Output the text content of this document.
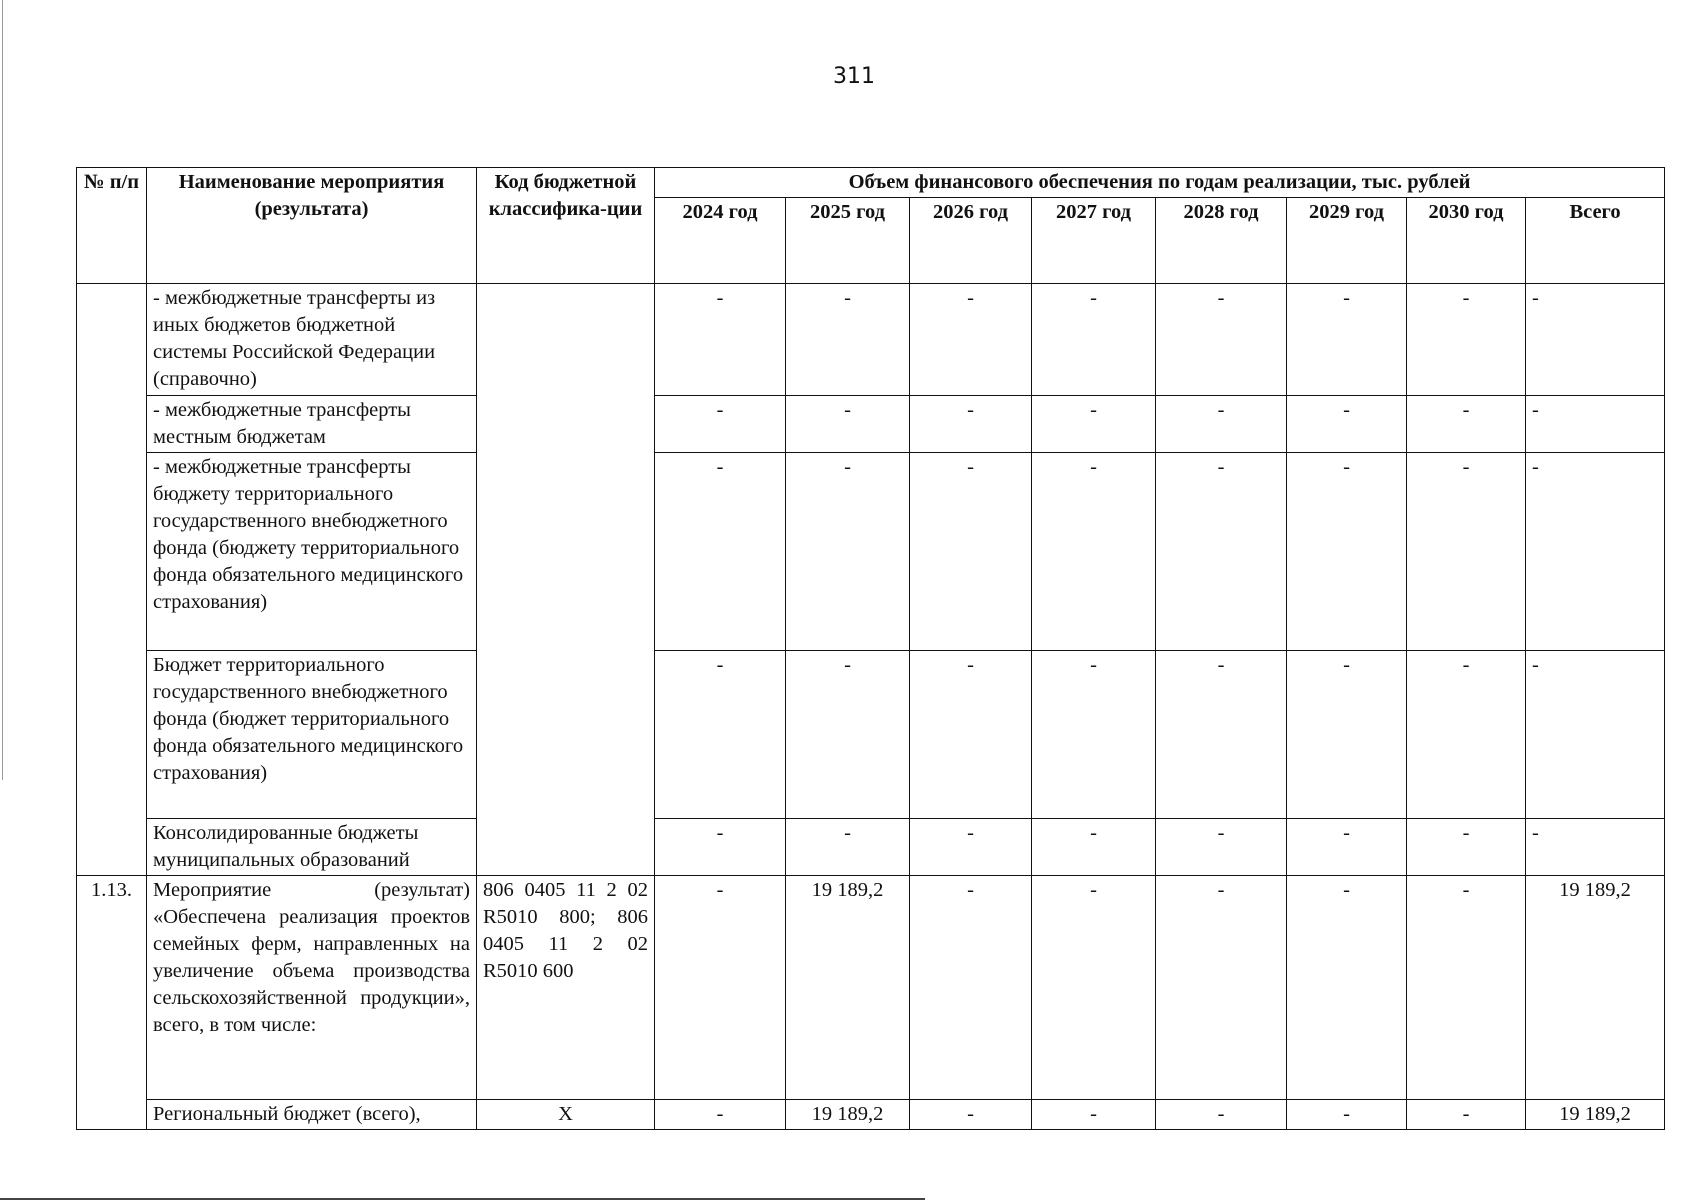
311
№ п/п	Наименование мероприятия (результата)	Код бюджетной классифика-ции	Объем финансового обеспечения по годам реализации, тыс. рублей							
			2024 год	2025 год	2026 год	2027 год	2028 год	2029 год	2030 год	Всего
	- межбюджетные трансферты из иных бюджетов бюджетной системы Российской Федерации (справочно)		-	-	-	-	-	-	-	-
	- межбюджетные трансферты местным бюджетам		-	-	-	-	-	-	-	-
	- межбюджетные трансферты бюджету территориального государственного внебюджетного фонда (бюджету территориального фонда обязательного медицинского страхования)		-	-	-	-	-	-	-	-
	Бюджет территориального государственного внебюджетного фонда (бюджет территориального фонда обязательного медицинского страхования)		-	-	-	-	-	-	-	-
	Консолидированные бюджеты муниципальных образований		-	-	-	-	-	-	-	-
1.13.	Мероприятие (результат) «Обеспечена реализация проектов семейных ферм, направленных на увеличение объема производства сельскохозяйственной продукции», всего, в том числе:	806 0405 11 2 02 R5010 800; 806 0405 11 2 02 R5010 600	-	19 189,2	-	-	-	-	-	19 189,2
	Региональный бюджет (всего),	X	-	19 189,2	-	-	-	-	-	19 189,2
